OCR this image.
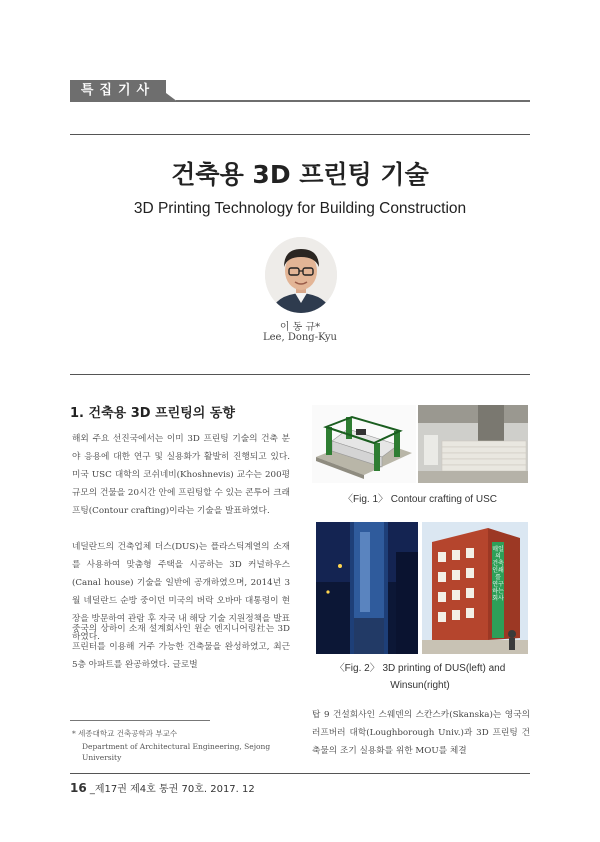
특집기사
건축용 3D 프린팅 기술
3D Printing Technology for Building Construction
이 동 규*
Lee, Dong-Kyu
1. 건축용 3D 프린팅의 동향

해외 주요 선진국에서는 이미 3D 프린팅 기술의 건축 분야 응용에 대한 연구 및 실용화가 활발히 진행되고 있다. 미국 USC 대학의 코쉬네비(Khoshnevis) 교수는 200평 규모의 건물을 20시간 안에 프린팅할 수 있는 콘투어 크래프팅(Contour crafting)이라는 기술을 발표하였다.

네덜란드의 건축업체 더스(DUS)는 플라스틱계열의 소재를 사용하여 맞춤형 주택을 시공하는 3D 커널하우스(Canal house) 기술을 일반에 공개하였으며, 2014년 3월 네덜란드 순방 중이던 미국의 버락 오바마 대통령이 현장을 방문하여 관람 후 자국 내 해당 기술 지원정책을 발표하였다.

중국의 상하이 소재 설계회사인 윈순 엔지니어링社는 3D 프린터를 이용해 거주 가능한 건축물을 완성하였고, 최근 5층 아파트를 완공하였다. 글로벌

* 세종대학교 건축공학과 부교수
Department of Architectural Engineering, Sejong University
〈Fig. 1〉 Contour crafting of USC
매일의 건축 인쇄를 연구하는 회사
〈Fig. 2〉 3D printing of DUS(left) and Winsun(right)

탑 9 건설회사인 스웨덴의 스칸스카(Skanska)는 영국의 러프버러 대학(Loughborough Univ.)과 3D 프린팅 건축물의 조기 실용화를 위한 MOU를 체결

16 _제17권 제4호 통권 70호. 2017. 12
